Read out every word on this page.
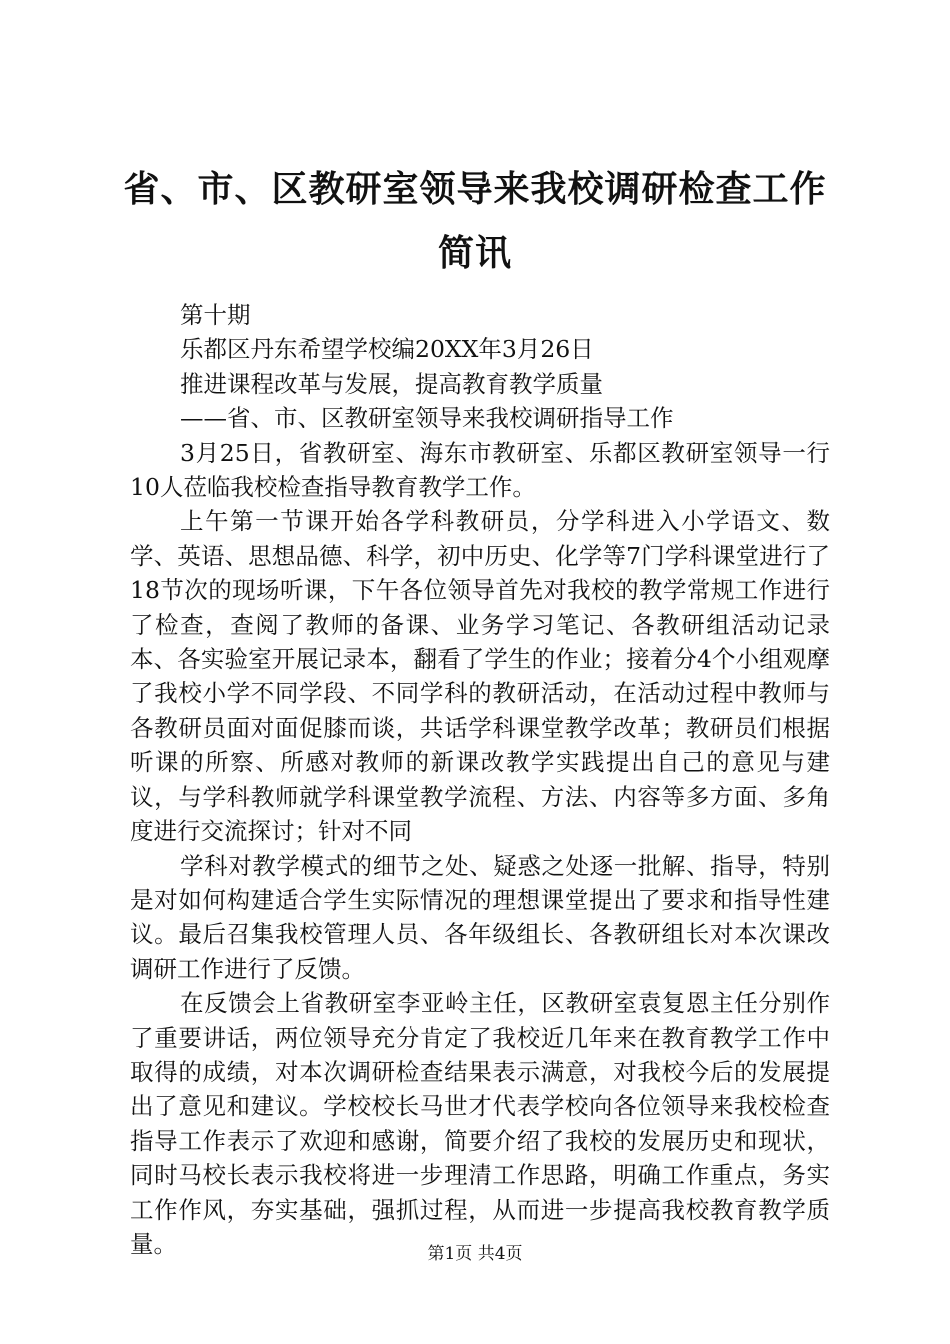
省、市、区教研室领导来我校调研检查工作简讯

第十期

乐都区丹东希望学校编20XX年3月26日

推进课程改革与发展，提高教育教学质量

——省、市、区教研室领导来我校调研指导工作

3月25日，省教研室、海东市教研室、乐都区教研室领导一行10人莅临我校检查指导教育教学工作。

上午第一节课开始各学科教研员，分学科进入小学语文、数学、英语、思想品德、科学，初中历史、化学等7门学科课堂进行了18节次的现场听课，下午各位领导首先对我校的教学常规工作进行了检查，查阅了教师的备课、业务学习笔记、各教研组活动记录本、各实验室开展记录本，翻看了学生的作业；接着分4个小组观摩了我校小学不同学段、不同学科的教研活动，在活动过程中教师与各教研员面对面促膝而谈，共话学科课堂教学改革；教研员们根据听课的所察、所感对教师的新课改教学实践提出自己的意见与建议，与学科教师就学科课堂教学流程、方法、内容等多方面、多角度进行交流探讨；针对不同

学科对教学模式的细节之处、疑惑之处逐一批解、指导，特别是对如何构建适合学生实际情况的理想课堂提出了要求和指导性建议。最后召集我校管理人员、各年级组长、各教研组长对本次课改调研工作进行了反馈。

在反馈会上省教研室李亚岭主任，区教研室袁复恩主任分别作了重要讲话，两位领导充分肯定了我校近几年来在教育教学工作中取得的成绩，对本次调研检查结果表示满意，对我校今后的发展提出了意见和建议。学校校长马世才代表学校向各位领导来我校检查指导工作表示了欢迎和感谢，简要介绍了我校的发展历史和现状，同时马校长表示我校将进一步理清工作思路，明确工作重点，务实工作作风，夯实基础，强抓过程，从而进一步提高我校教育教学质量。	第1页 共4页
